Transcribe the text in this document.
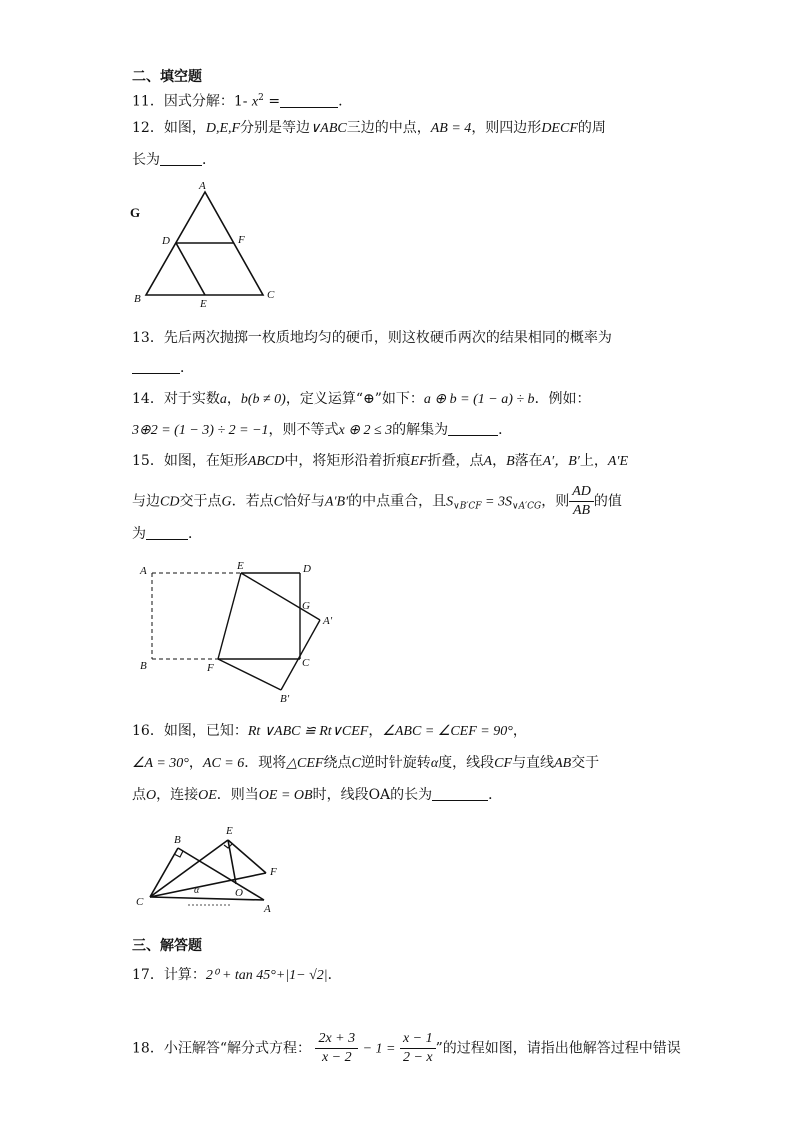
二、填空题
11．因式分解：1- $x^2$ =	.
12．如图，D,E,F分别是等边∨ABC三边的中点，AB = 4，则四边形DECF的周
长为	．
G
A
D	F
B	E
C
13．先后两次抛掷一枚质地均匀的硬币，则这枚硬币两次的结果相同的概率为
．
14．对于实数a，b(b ≠ 0)，定义运算“⊕”如下：a ⊕ b = (1 − a) ÷ b．例如：
3⊕2 = (1 − 3) ÷ 2 = −1，则不等式x ⊕ 2 ≤ 3的解集为	．
15．如图，在矩形ABCD中，将矩形沿着折痕EF折叠，点A，B落在A′，B′上，A′E
与边CD交于点G．若点C恰好与A′B′的中点重合，且$S_{\vee B'CF} = 3S_{\vee A'CG}$，则 $\frac{AD}{AB}$ 的值
为	．
A	E	D
G
A′
B	F	C
B′
16．如图，已知：Rt ∨ABC ≌ Rt∨CEF，∠ABC = ∠CEF = 90°，
∠A = 30°，AC = 6．现将△CEF绕点C逆时针旋转α度，线段CF与直线AB交于
点O，连接OE．则当OE = OB时，线段OA的长为	．
B
E
F
O
C
A
α
三、解答题
17．计算：2⁰ + tan 45°+|1− √2|．
18．小汪解答“解分式方程： $\frac{2x + 3}{x - 2} - 1 = \frac{x - 1}{2 - x}$ ”的过程如图，请指出他解答过程中错误
